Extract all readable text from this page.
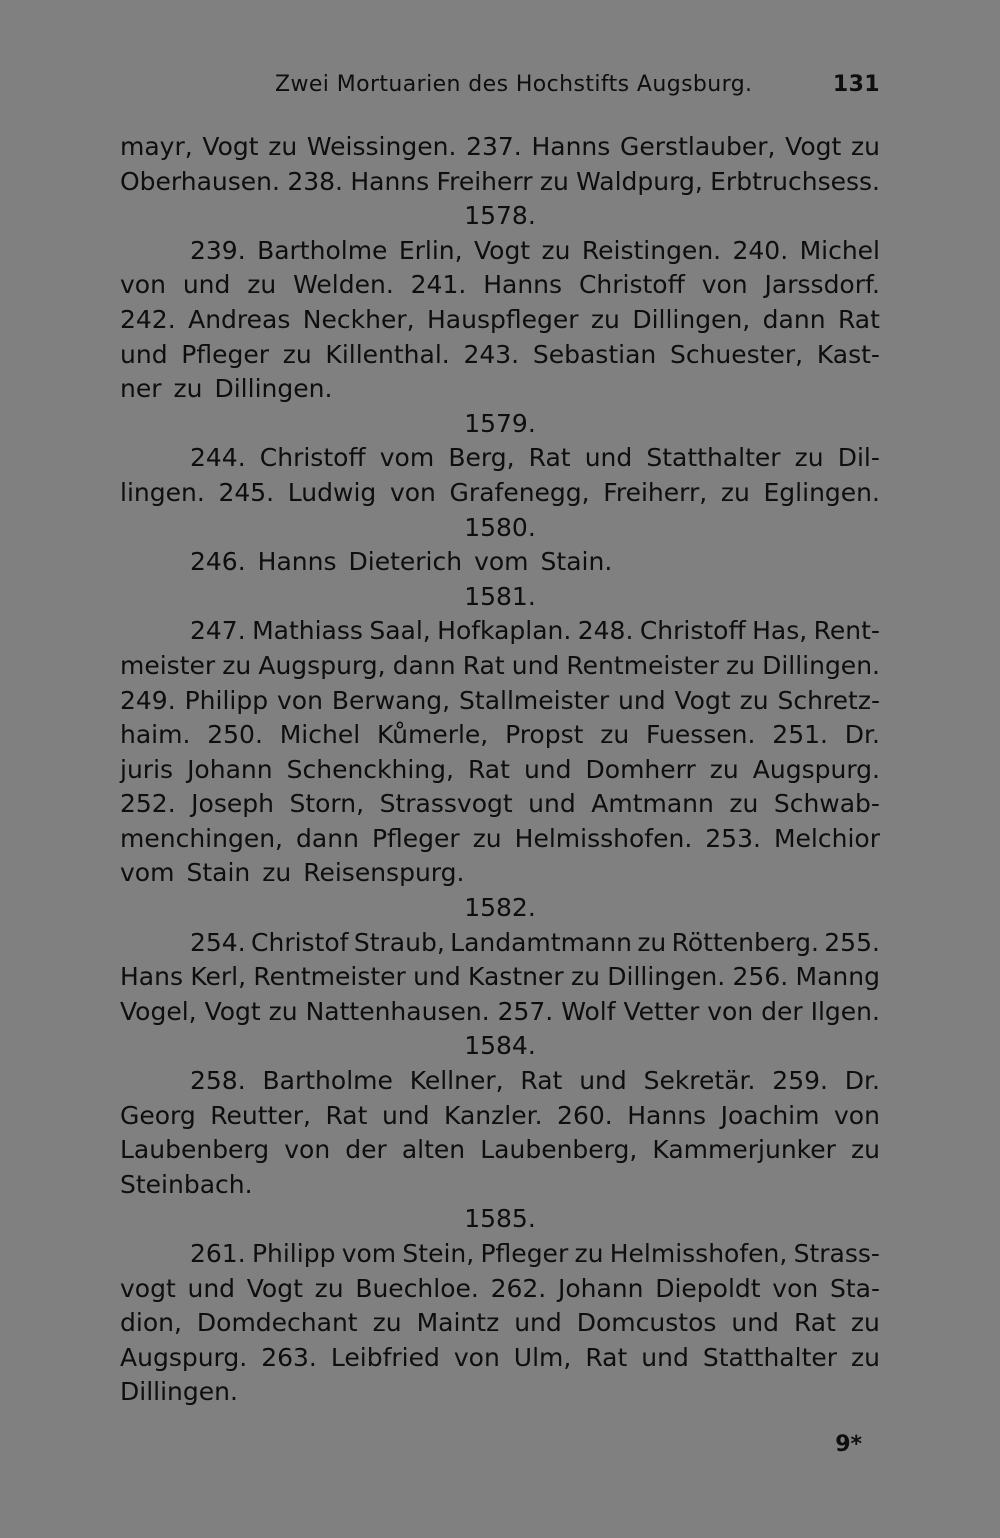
Zwei Mortuarien des Hochstifts Augsburg.	131
mayr, Vogt zu Weissingen. 237. Hanns Gerstlauber, Vogt zu
Oberhausen. 238. Hanns Freiherr zu Waldpurg, Erbtruchsess.
1578.
239. Bartholme Erlin, Vogt zu Reistingen. 240. Michel
von und zu Welden. 241. Hanns Christoff von Jarssdorf.
242. Andreas Neckher, Hauspfleger zu Dillingen, dann Rat
und Pfleger zu Killenthal. 243. Sebastian Schuester, Kast-
ner zu Dillingen.
1579.
244. Christoff vom Berg, Rat und Statthalter zu Dil-
lingen. 245. Ludwig von Grafenegg, Freiherr, zu Eglingen.
1580.
246. Hanns Dieterich vom Stain.
1581.
247. Mathiass Saal, Hofkaplan. 248. Christoff Has, Rent-
meister zu Augspurg, dann Rat und Rentmeister zu Dillingen.
249. Philipp von Berwang, Stallmeister und Vogt zu Schretz-
haim. 250. Michel Kůmerle, Propst zu Fuessen. 251. Dr.
juris Johann Schenckhing, Rat und Domherr zu Augspurg.
252. Joseph Storn, Strassvogt und Amtmann zu Schwab-
menchingen, dann Pfleger zu Helmisshofen. 253. Melchior
vom Stain zu Reisenspurg.
1582.
254. Christof Straub, Landamtmann zu Röttenberg. 255.
Hans Kerl, Rentmeister und Kastner zu Dillingen. 256. Manng
Vogel, Vogt zu Nattenhausen. 257. Wolf Vetter von der Ilgen.
1584.
258. Bartholme Kellner, Rat und Sekretär. 259. Dr.
Georg Reutter, Rat und Kanzler. 260. Hanns Joachim von
Laubenberg von der alten Laubenberg, Kammerjunker zu
Steinbach.
1585.
261. Philipp vom Stein, Pfleger zu Helmisshofen, Strass-
vogt und Vogt zu Buechloe. 262. Johann Diepoldt von Sta-
dion, Domdechant zu Maintz und Domcustos und Rat zu
Augspurg. 263. Leibfried von Ulm, Rat und Statthalter zu
Dillingen.
9*
